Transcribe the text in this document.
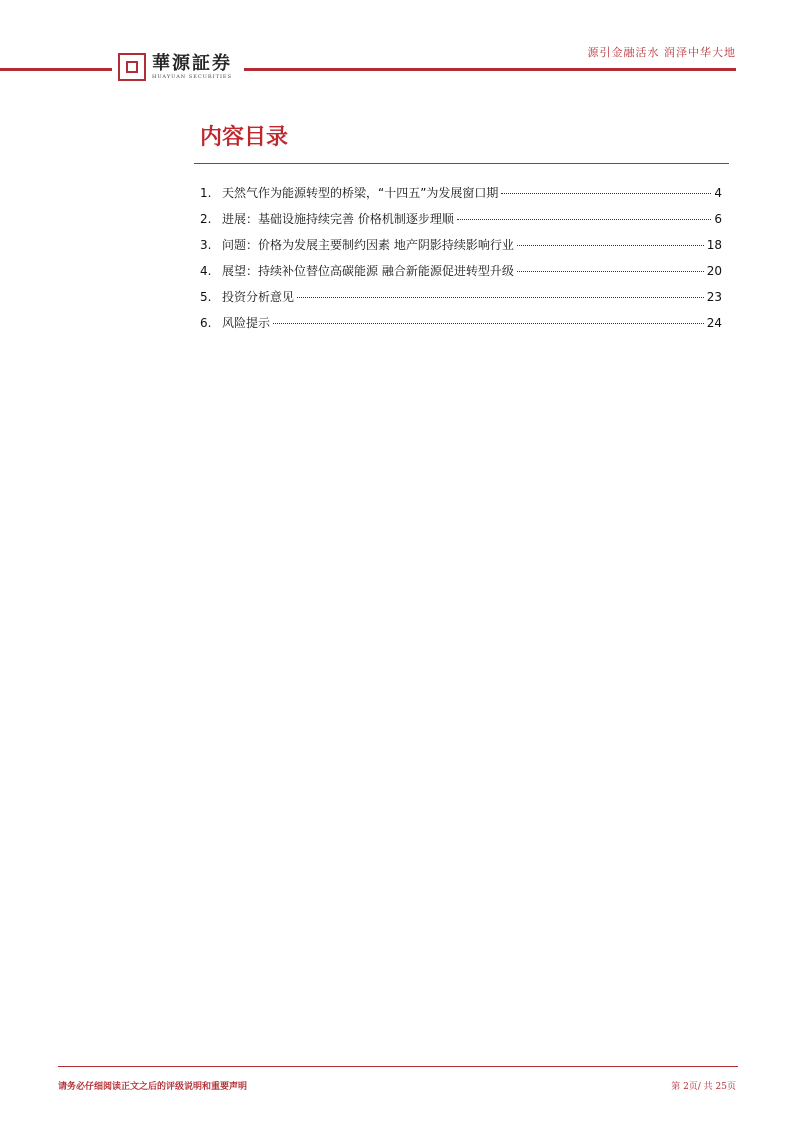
源引金融活水 润泽中华大地
華源証券
HUAYUAN SECURITIES
内容目录
1. 天然气作为能源转型的桥梁，“十四五”为发展窗口期	4
2. 进展：基础设施持续完善 价格机制逐步理顺	6
3. 问题：价格为发展主要制约因素 地产阴影持续影响行业	18
4. 展望：持续补位替位高碳能源 融合新能源促进转型升级	20
5. 投资分析意见	23
6. 风险提示	24
请务必仔细阅读正文之后的评级说明和重要声明	第 2页/ 共 25页
